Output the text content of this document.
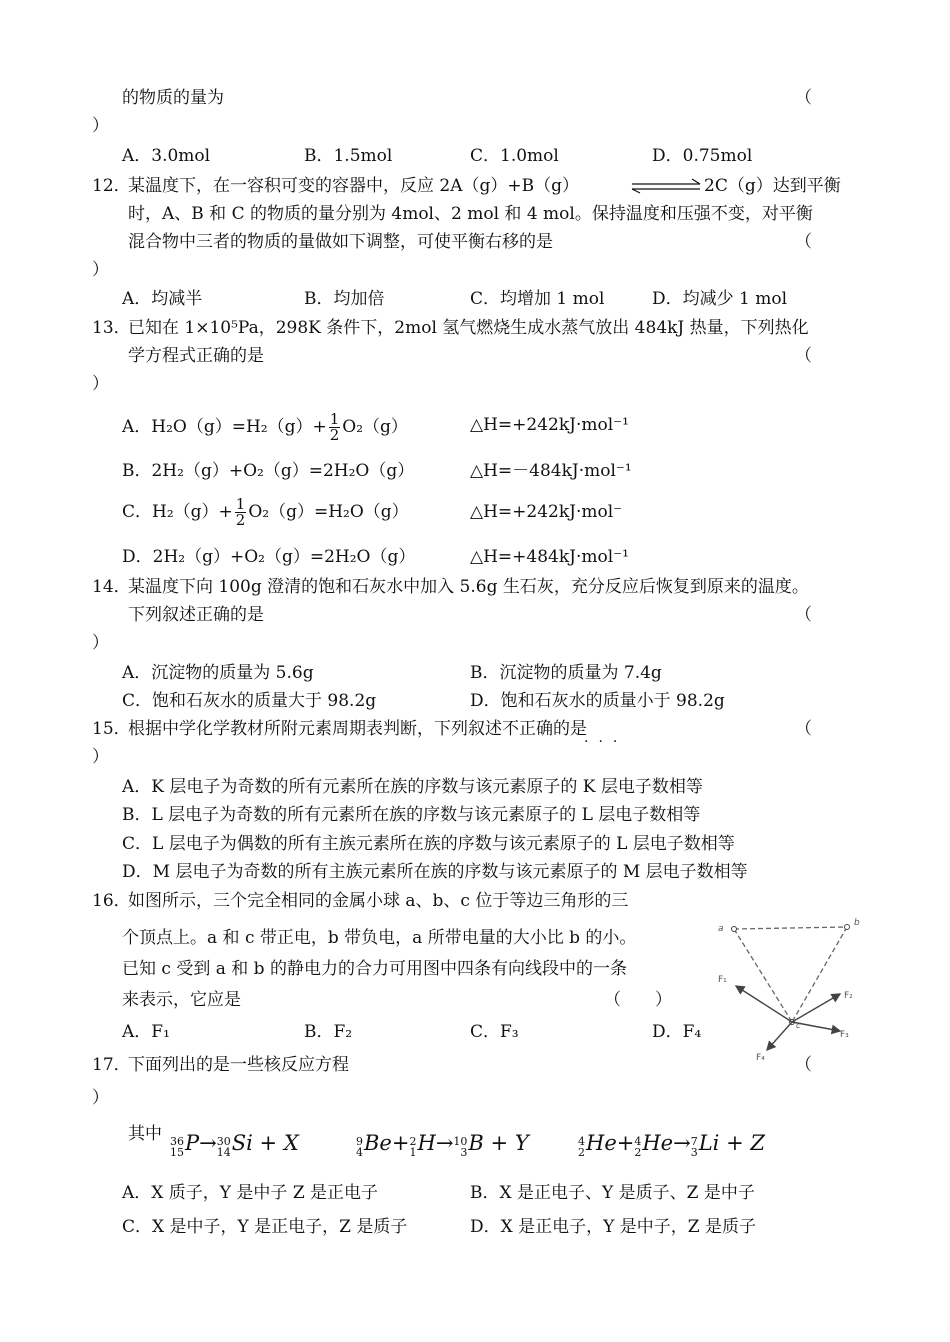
的物质的量为	（
）
A．3.0mol	B．1.5mol	C．1.0mol	D．0.75mol
12．
某温度下，在一容积可变的容器中，反应 2A（g）+B（g）	2C（g）达到平衡
时，A、B 和 C 的物质的量分别为 4mol、2 mol 和 4 mol。保持温度和压强不变，对平衡
混合物中三者的物质的量做如下调整，可使平衡右移的是	（
）
A．均减半	B．均加倍	C．均增加 1 mol	D．均减少 1 mol
13．
已知在 1×10⁵Pa，298K 条件下，2mol 氢气燃烧生成水蒸气放出 484kJ 热量，下列热化
学方程式正确的是	（
）
A．$H_2O(g)=H_2(g)+ \frac{1}{2} O_2(g)$	△H=+242kJ·mol⁻¹
B．2H₂（g）+O₂（g）=2H₂O（g）	△H=－484kJ·mol⁻¹
C．$H_2(g)+ \frac{1}{2} O_2(g)=H_2O(g)$	△H=+242kJ·mol⁻
D．2H₂（g）+O₂（g）=2H₂O（g）	△H=+484kJ·mol⁻¹
14．
某温度下向 100g 澄清的饱和石灰水中加入 5.6g 生石灰，充分反应后恢复到原来的温度。
下列叙述正确的是	（
）
A．沉淀物的质量为 5.6g	B．沉淀物的质量为 7.4g
C．饱和石灰水的质量大于 98.2g	D．饱和石灰水的质量小于 98.2g
15．
根据中学化学教材所附元素周期表判断，下列叙述不正确的是
···
（
）
A．K 层电子为奇数的所有元素所在族的序数与该元素原子的 K 层电子数相等
B．L 层电子为奇数的所有元素所在族的序数与该元素原子的 L 层电子数相等
C．L 层电子为偶数的所有主族元素所在族的序数与该元素原子的 L 层电子数相等
D．M 层电子为奇数的所有主族元素所在族的序数与该元素原子的 M 层电子数相等
16．
如图所示，三个完全相同的金属小球 a、b、c 位于等边三角形的三
个顶点上。a 和 c 带正电，b 带负电，a 所带电量的大小比 b 的小。
已知 c 受到 a 和 b 的静电力的合力可用图中四条有向线段中的一条
来表示，它应是	（　　）
A．F₁	B．F₂	C．F₃	D．F₄
a
b
c
F₁
F₂
F₃
F₄
17．
下面列出的是一些核反应方程	（
）
其中 36
15 P→ 30
14 Si + X	9
4 Be+ 2
1 H→ 10
3 B + Y	4
2 He+ 4
2 He→ 7
3 Li + Z
A．X 质子，Y 是中子 Z 是正电子	B．X 是正电子、Y 是质子、Z 是中子
C．X 是中子，Y 是正电子，Z 是质子	D．X 是正电子，Y 是中子，Z 是质子
